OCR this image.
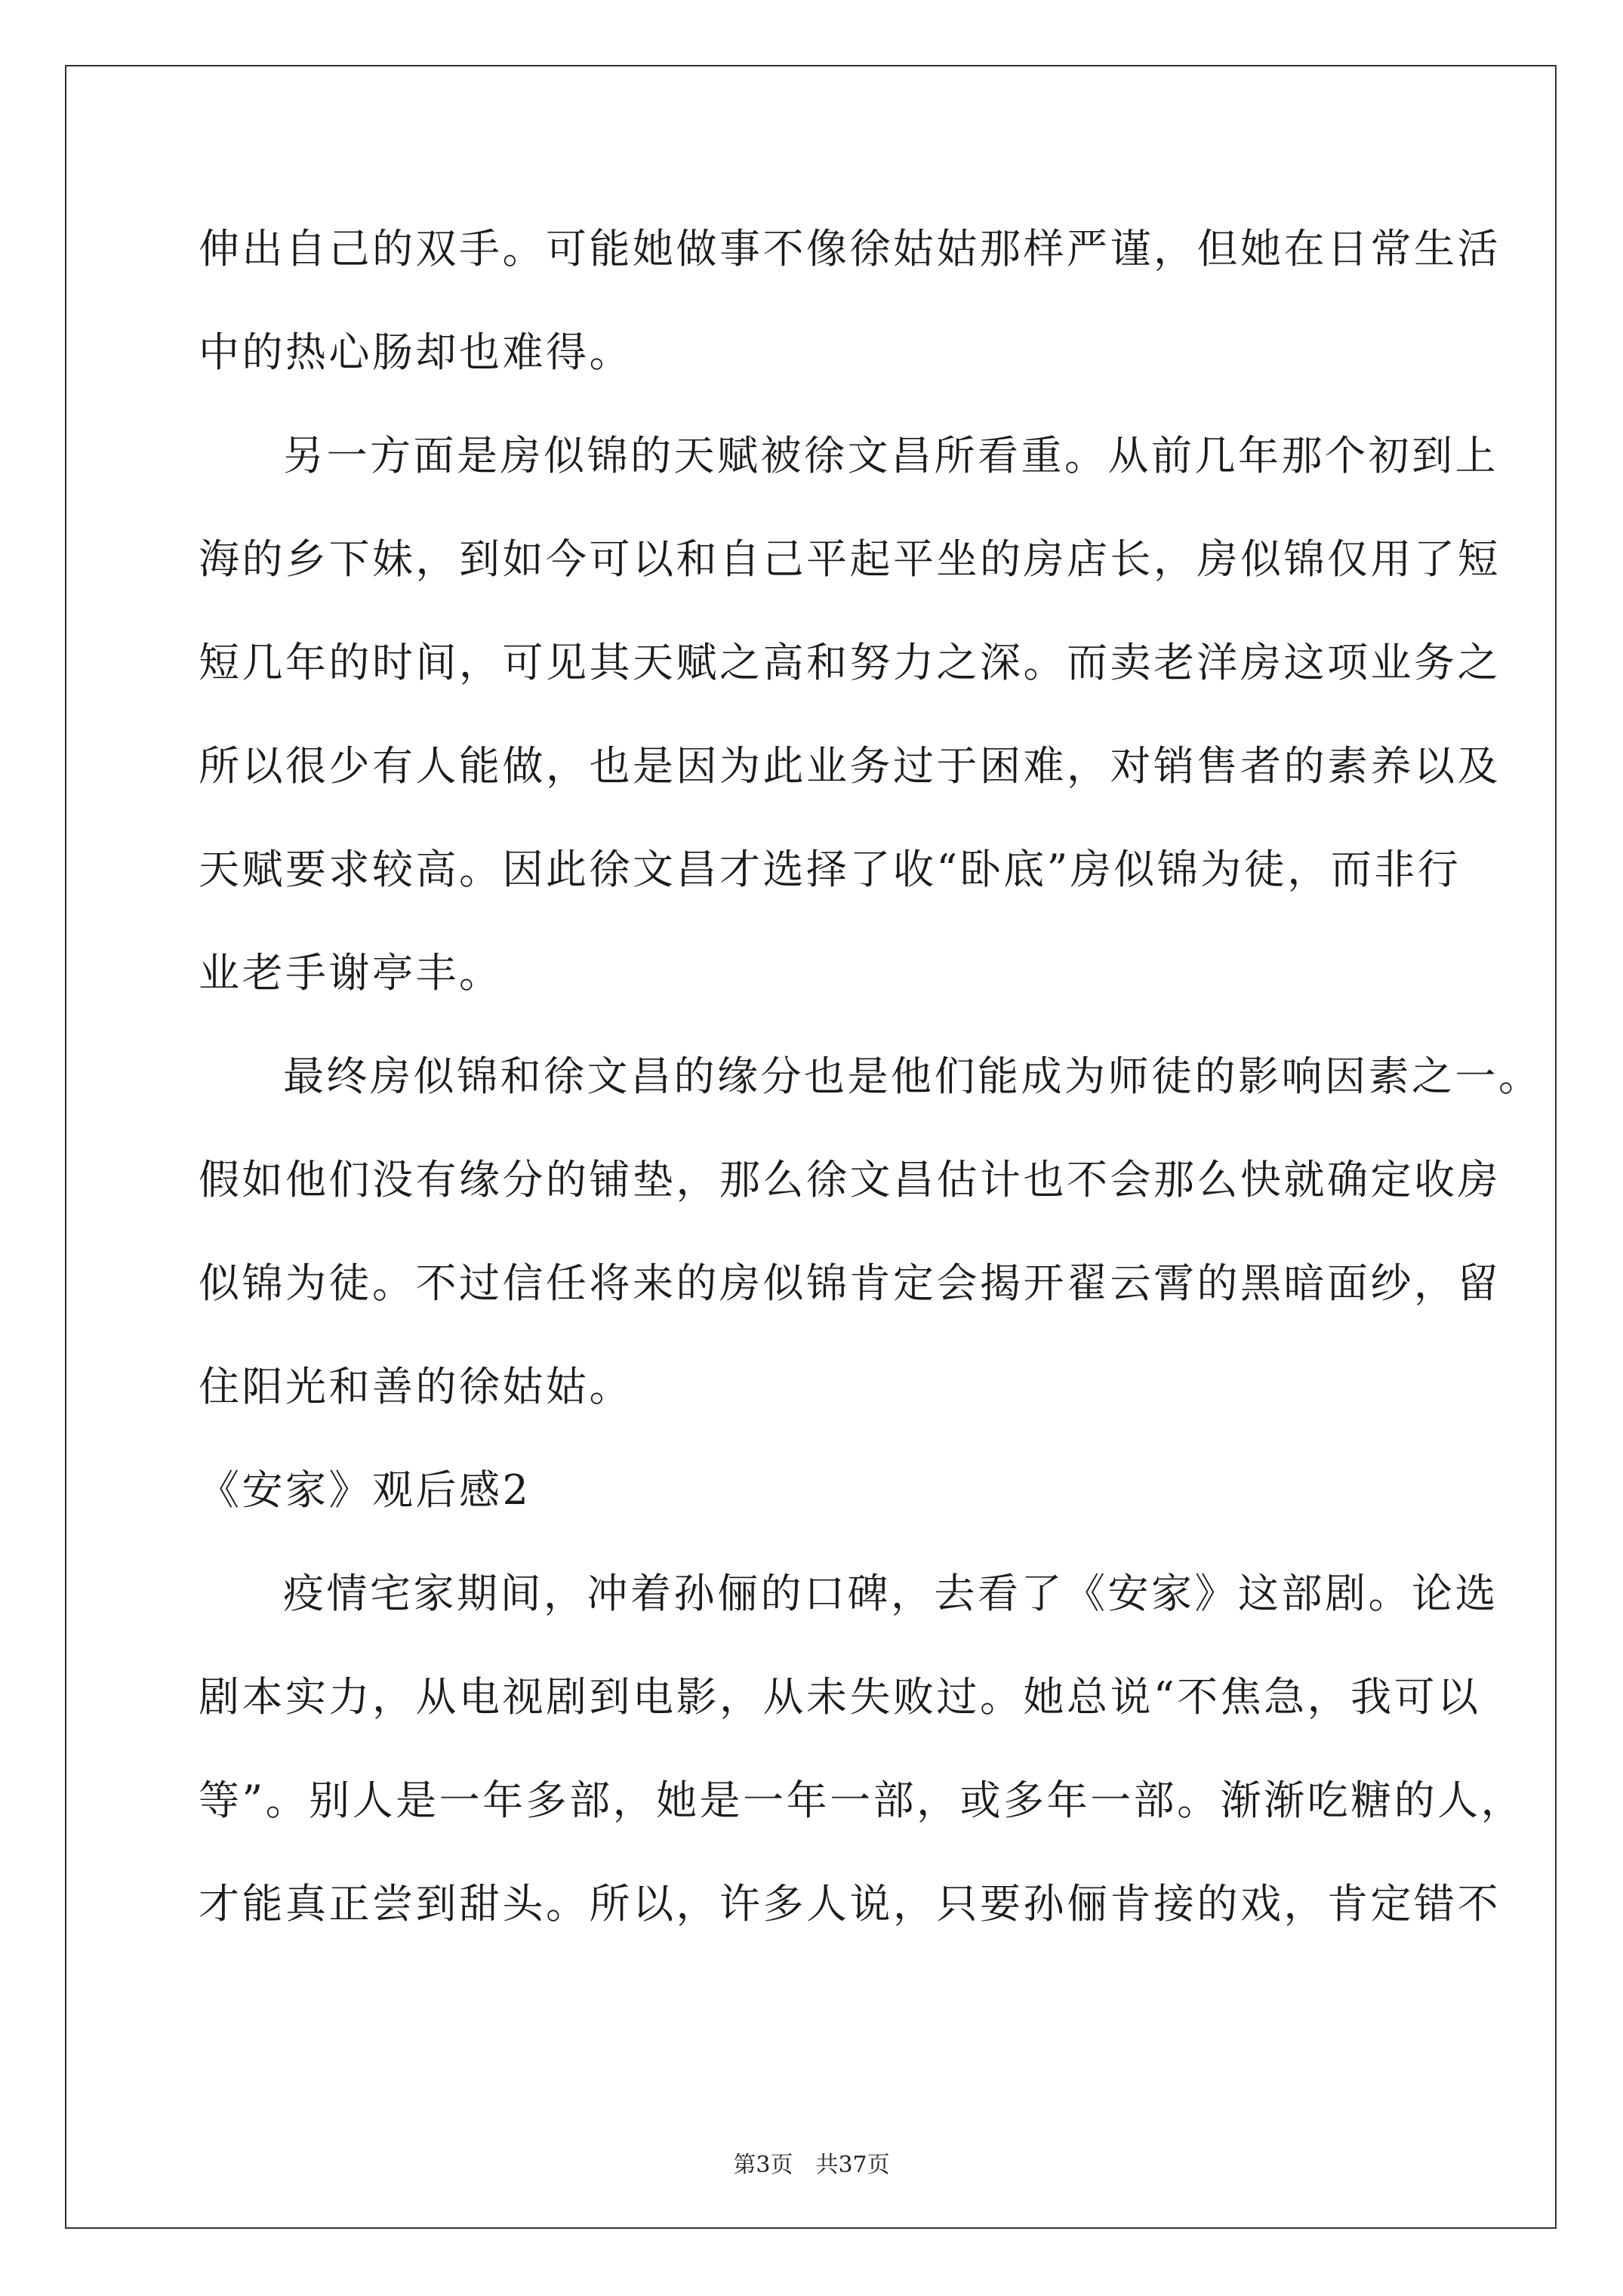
伸出自己的双手。可能她做事不像徐姑姑那样严谨，但她在日常生活
中的热心肠却也难得。
另一方面是房似锦的天赋被徐文昌所看重。从前几年那个初到上
海的乡下妹，到如今可以和自己平起平坐的房店长，房似锦仅用了短
短几年的时间，可见其天赋之高和努力之深。而卖老洋房这项业务之
所以很少有人能做，也是因为此业务过于困难，对销售者的素养以及
天赋要求较高。因此徐文昌才选择了收“卧底”房似锦为徒，而非行
业老手谢亭丰。
最终房似锦和徐文昌的缘分也是他们能成为师徒的影响因素之一。
假如他们没有缘分的铺垫，那么徐文昌估计也不会那么快就确定收房
似锦为徒。不过信任将来的房似锦肯定会揭开翟云霄的黑暗面纱，留
住阳光和善的徐姑姑。
《安家》观后感2
疫情宅家期间，冲着孙俪的口碑，去看了《安家》这部剧。论选
剧本实力，从电视剧到电影，从未失败过。她总说“不焦急，我可以
等”。别人是一年多部，她是一年一部，或多年一部。渐渐吃糖的人，
才能真正尝到甜头。所以，许多人说，只要孙俪肯接的戏，肯定错不
第3页　共37页
